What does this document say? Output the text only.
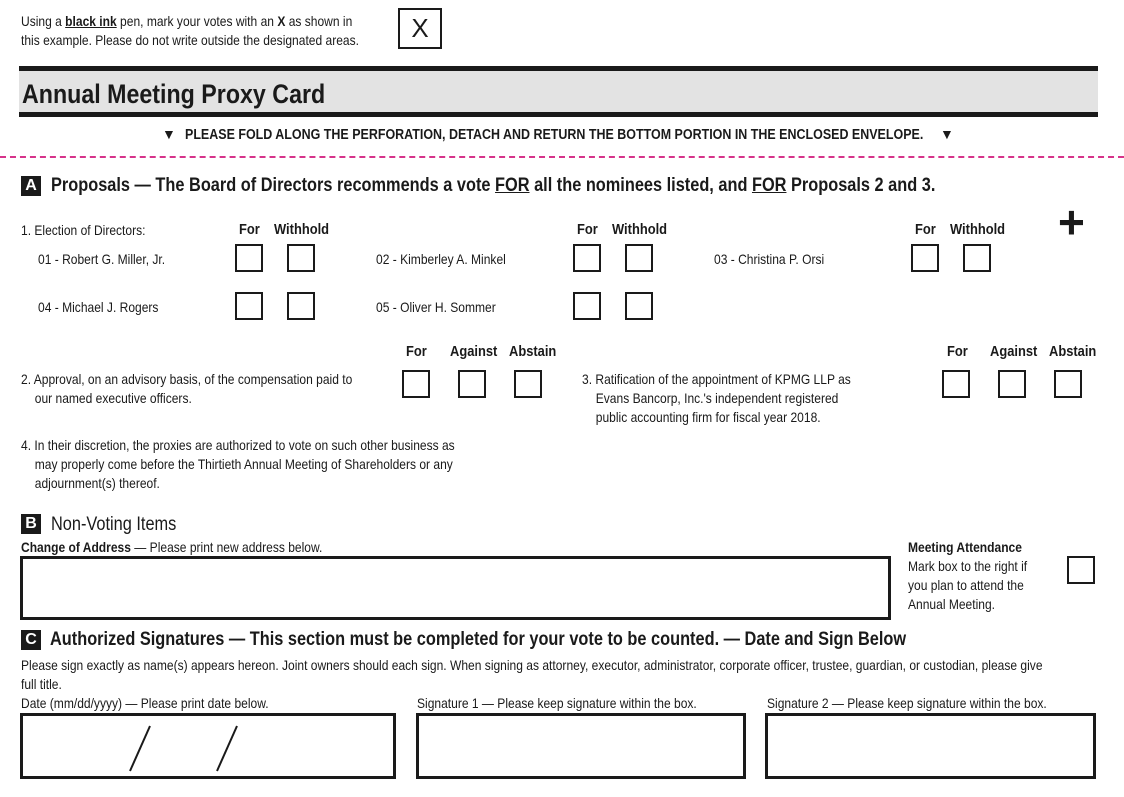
Using a black ink pen, mark your votes with an X as shown in
this example. Please do not write outside the designated areas.	X
Annual Meeting Proxy Card
▼ PLEASE FOLD ALONG THE PERFORATION, DETACH AND RETURN THE BOTTOM PORTION IN THE ENCLOSED ENVELOPE. ▼
A Proposals — The Board of Directors recommends a vote FOR all the nominees listed, and FOR Proposals 2 and 3.
1. Election of Directors:	For Withhold	For Withhold	For Withhold +
01 - Robert G. Miller, Jr.	02 - Kimberley A. Minkel	03 - Christina P. Orsi
04 - Michael J. Rogers	05 - Oliver H. Sommer
For Against Abstain
2. Approval, on an advisory basis, of the compensation paid to
our named executive officers.
For Against Abstain
3. Ratification of the appointment of KPMG LLP as
Evans Bancorp, Inc.'s independent registered
public accounting firm for fiscal year 2018.
4. In their discretion, the proxies are authorized to vote on such other business as
may properly come before the Thirtieth Annual Meeting of Shareholders or any
adjournment(s) thereof.
B Non-Voting Items
Change of Address — Please print new address below.	Meeting Attendance
Mark box to the right if
you plan to attend the
Annual Meeting.
C Authorized Signatures — This section must be completed for your vote to be counted. — Date and Sign Below
Please sign exactly as name(s) appears hereon. Joint owners should each sign. When signing as attorney, executor, administrator, corporate officer, trustee, guardian, or custodian, please give
full title.
Date (mm/dd/yyyy) — Please print date below.	Signature 1 — Please keep signature within the box.	Signature 2 — Please keep signature within the box.
